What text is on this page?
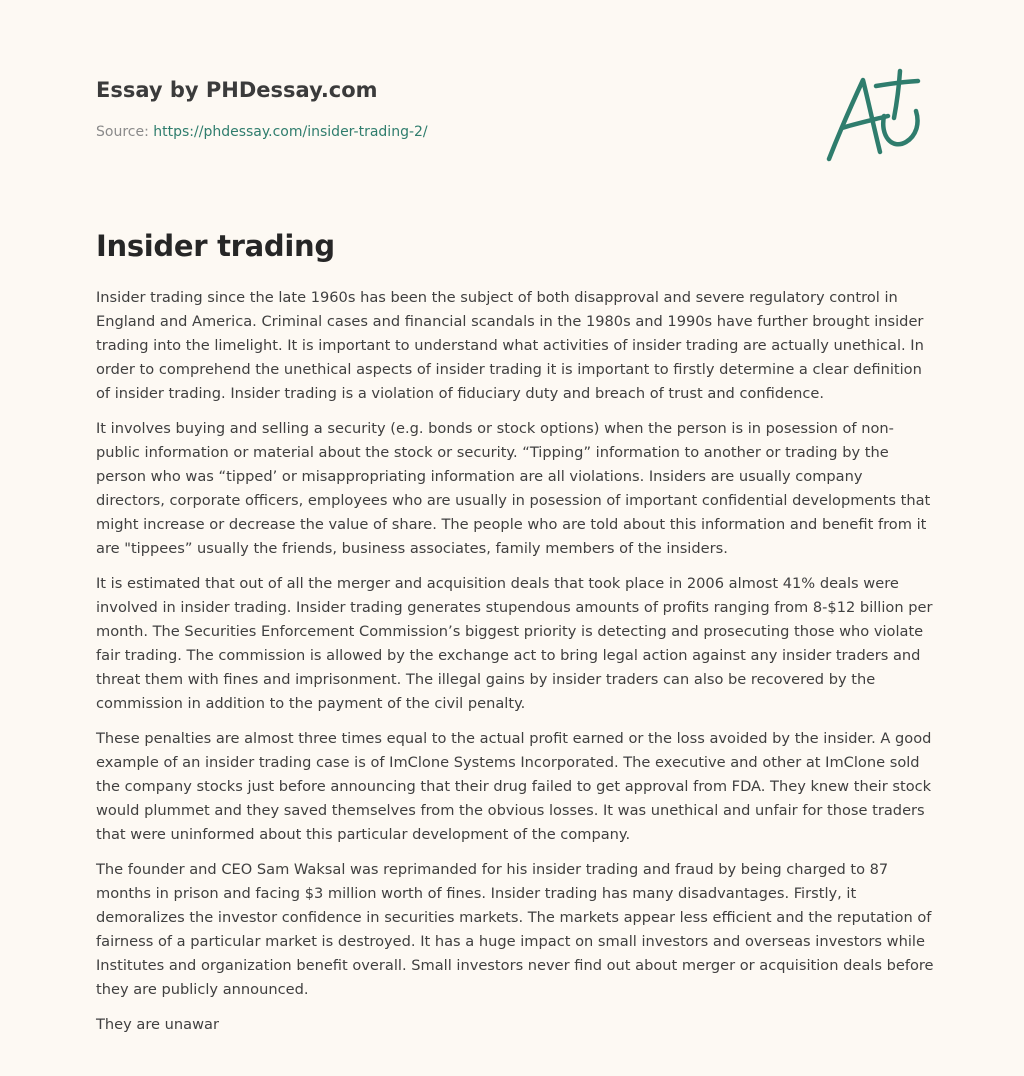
Essay by PHDessay.com
Source: https://phdessay.com/insider-trading-2/
Insider trading

Insider trading since the late 1960s has been the subject of both disapproval and severe regulatory control in England and America. Criminal cases and financial scandals in the 1980s and 1990s have further brought insider trading into the limelight. It is important to understand what activities of insider trading are actually unethical. In order to comprehend the unethical aspects of insider trading it is important to firstly determine a clear definition of insider trading. Insider trading is a violation of fiduciary duty and breach of trust and confidence.

It involves buying and selling a security (e.g. bonds or stock options) when the person is in posession of non-public information or material about the stock or security. “Tipping” information to another or trading by the person who was “tipped’ or misappropriating information are all violations. Insiders are usually company directors, corporate officers, employees who are usually in posession of important confidential developments that might increase or decrease the value of share. The people who are told about this information and benefit from it are "tippees” usually the friends, business associates, family members of the insiders.

It is estimated that out of all the merger and acquisition deals that took place in 2006 almost 41% deals were involved in insider trading. Insider trading generates stupendous amounts of profits ranging from 8-$12 billion per month. The Securities Enforcement Commission’s biggest priority is detecting and prosecuting those who violate fair trading. The commission is allowed by the exchange act to bring legal action against any insider traders and threat them with fines and imprisonment. The illegal gains by insider traders can also be recovered by the commission in addition to the payment of the civil penalty.

These penalties are almost three times equal to the actual profit earned or the loss avoided by the insider. A good example of an insider trading case is of ImClone Systems Incorporated. The executive and other at ImClone sold the company stocks just before announcing that their drug failed to get approval from FDA. They knew their stock would plummet and they saved themselves from the obvious losses. It was unethical and unfair for those traders that were uninformed about this particular development of the company.

The founder and CEO Sam Waksal was reprimanded for his insider trading and fraud by being charged to 87 months in prison and facing $3 million worth of fines. Insider trading has many disadvantages. Firstly, it demoralizes the investor confidence in securities markets. The markets appear less efficient and the reputation of fairness of a particular market is destroyed. It has a huge impact on small investors and overseas investors while Institutes and organization benefit overall. Small investors never find out about merger or acquisition deals before they are publicly announced.

They are unawar
